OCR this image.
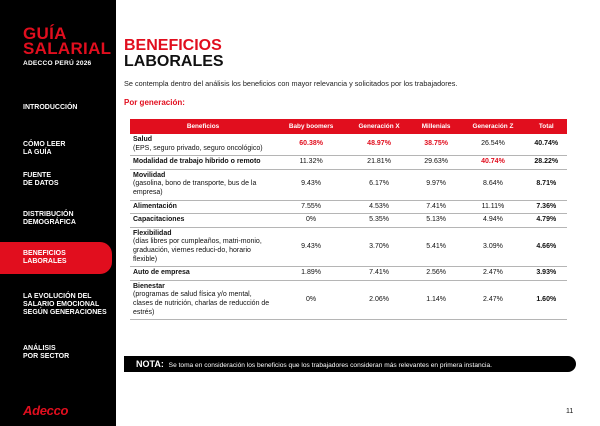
GUÍA
SALARIAL
ADECCO PERÚ 2026
INTRODUCCIÓN
CÓMO LEER
LA GUÍA
FUENTE
DE DATOS
DISTRIBUCIÓN
DEMOGRÁFICA
BENEFICIOS
LABORALES
LA EVOLUCIÓN DEL
SALARIO EMOCIONAL
SEGÚN GENERACIONES
ANÁLISIS
POR SECTOR
Adecco
BENEFICIOS
LABORALES
Se contempla dentro del análisis los beneficios con mayor relevancia y solicitados por los trabajadores.
Por generación:
Beneficios	Baby boomers	Generación X	Millenials	Generación Z	Total

Salud
(EPS, seguro privado, seguro oncológico)	60.38%	48.97%	38.75%	26.54%	40.74%

Modalidad de trabajo híbrido o remoto	11.32%	21.81%	29.63%	40.74%	28.22%

Movilidad
(gasolina, bono de transporte, bus de la empresa)	9.43%	6.17%	9.97%	8.64%	8.71%

Alimentación	7.55%	4.53%	7.41%	11.11%	7.36%

Capacitaciones	0%	5.35%	5.13%	4.94%	4.79%

Flexibilidad
(días libres por cumpleaños, matri-monio, graduación, viernes reduci-do, horario flexible)	9.43%	3.70%	5.41%	3.09%	4.66%

Auto de empresa	1.89%	7.41%	2.56%	2.47%	3.93%

Bienestar
(programas de salud física y/o mental, clases de nutrición, charlas de reducción de estrés)	0%	2.06%	1.14%	2.47%	1.60%
NOTA: Se toma en consideración los beneficios que los trabajadores consideran más relevantes en primera instancia.
11
